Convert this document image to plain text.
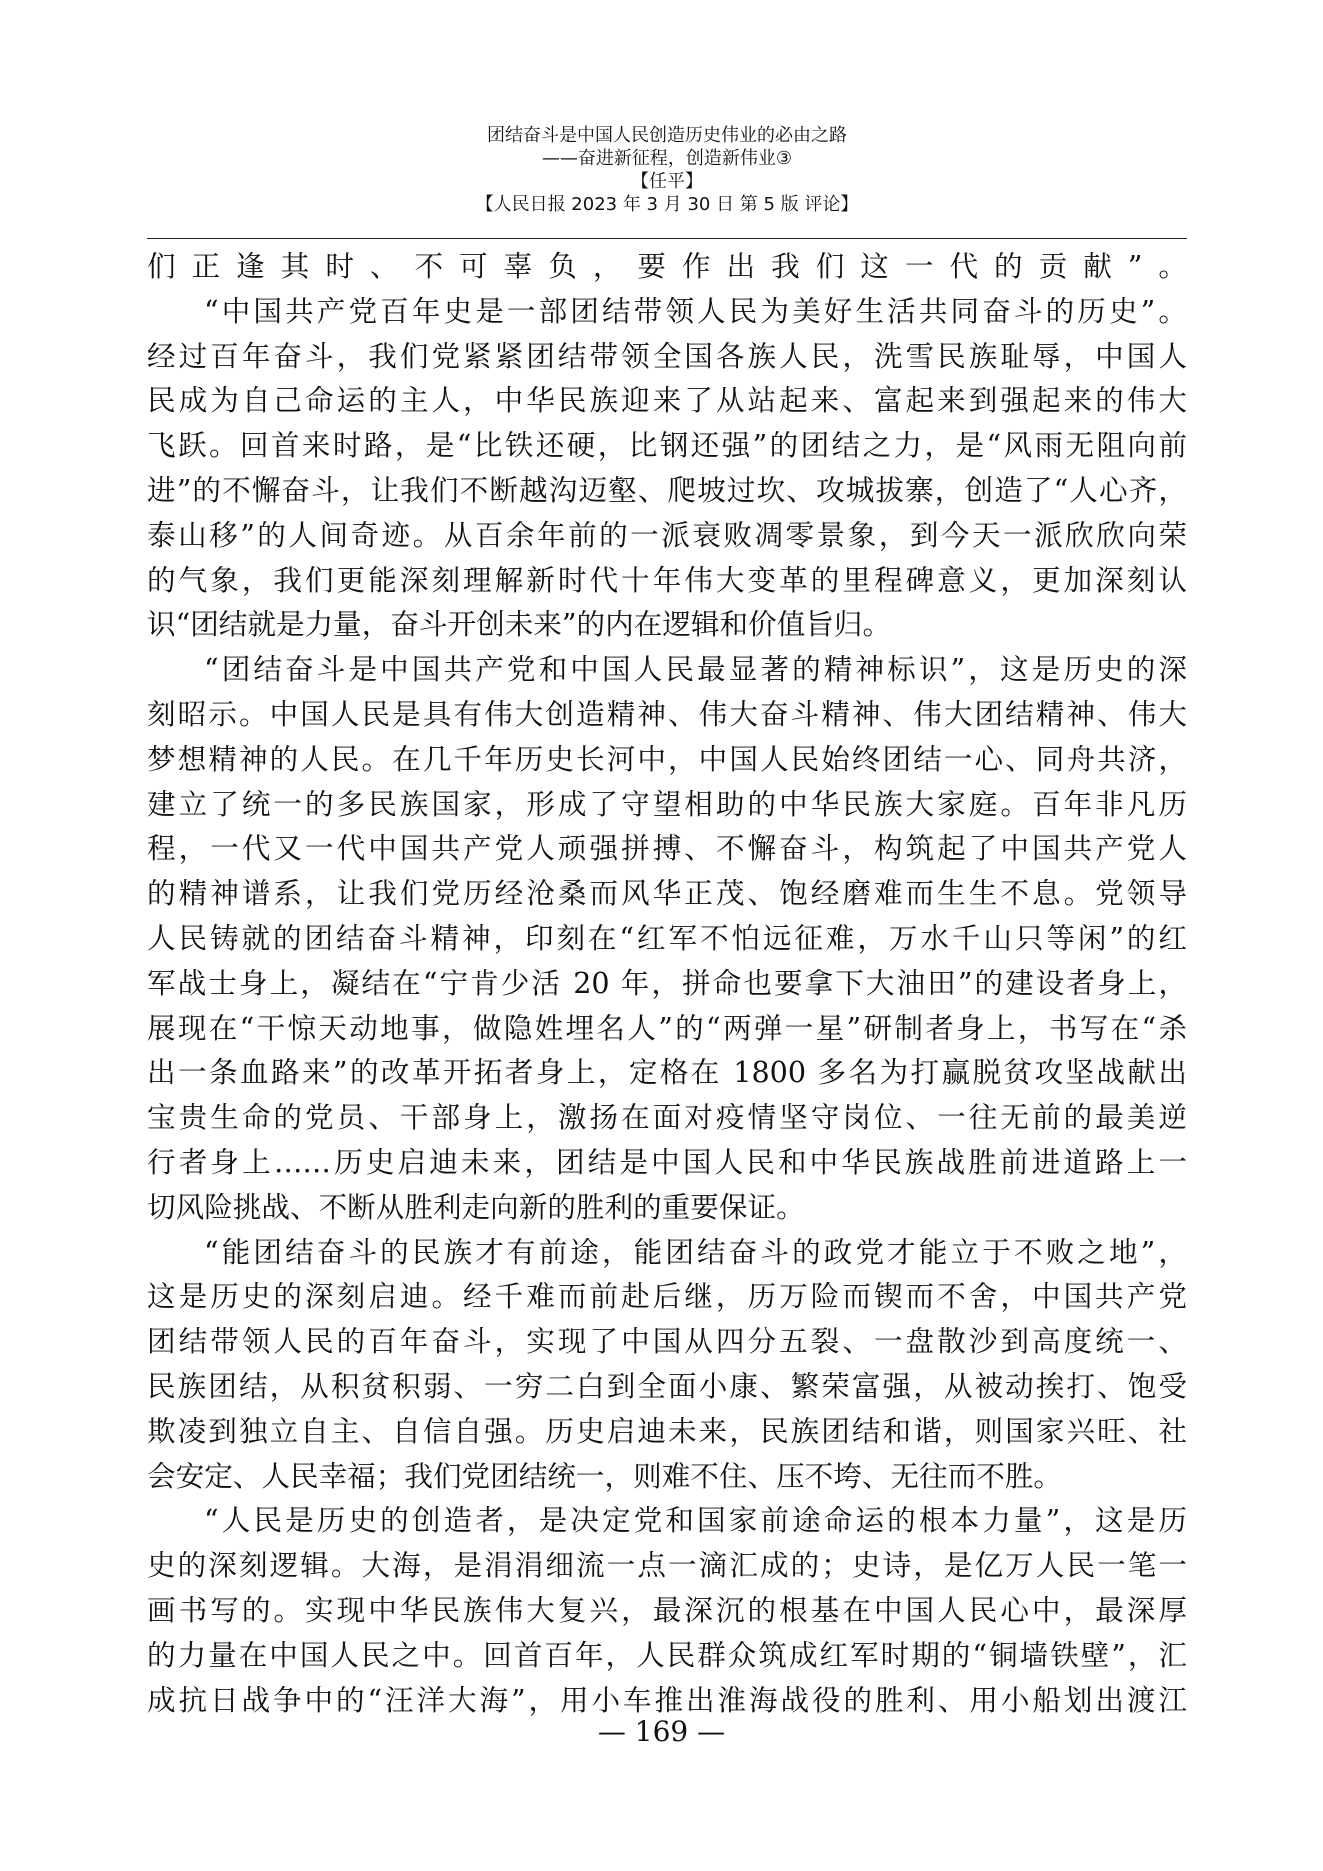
团结奋斗是中国人民创造历史伟业的必由之路
——奋进新征程，创造新伟业③
【任平】
【人民日报 2023 年 3 月 30 日 第 5 版 评论】
们正逢其时、不可辜负，要作出我们这一代的贡献”。
“中国共产党百年史是一部团结带领人民为美好生活共同奋斗的历史”。
经过百年奋斗，我们党紧紧团结带领全国各族人民，洗雪民族耻辱，中国人
民成为自己命运的主人，中华民族迎来了从站起来、富起来到强起来的伟大
飞跃。回首来时路，是“比铁还硬，比钢还强”的团结之力，是“风雨无阻向前
进”的不懈奋斗，让我们不断越沟迈壑、爬坡过坎、攻城拔寨，创造了“人心齐，
泰山移”的人间奇迹。从百余年前的一派衰败凋零景象，到今天一派欣欣向荣
的气象，我们更能深刻理解新时代十年伟大变革的里程碑意义，更加深刻认
识“团结就是力量，奋斗开创未来”的内在逻辑和价值旨归。
“团结奋斗是中国共产党和中国人民最显著的精神标识”，这是历史的深
刻昭示。中国人民是具有伟大创造精神、伟大奋斗精神、伟大团结精神、伟大
梦想精神的人民。在几千年历史长河中，中国人民始终团结一心、同舟共济，
建立了统一的多民族国家，形成了守望相助的中华民族大家庭。百年非凡历
程，一代又一代中国共产党人顽强拼搏、不懈奋斗，构筑起了中国共产党人
的精神谱系，让我们党历经沧桑而风华正茂、饱经磨难而生生不息。党领导
人民铸就的团结奋斗精神，印刻在“红军不怕远征难，万水千山只等闲”的红
军战士身上，凝结在“宁肯少活 20 年，拼命也要拿下大油田”的建设者身上，
展现在“干惊天动地事，做隐姓埋名人”的“两弹一星”研制者身上，书写在“杀
出一条血路来”的改革开拓者身上，定格在 1800 多名为打赢脱贫攻坚战献出
宝贵生命的党员、干部身上，激扬在面对疫情坚守岗位、一往无前的最美逆
行者身上……历史启迪未来，团结是中国人民和中华民族战胜前进道路上一
切风险挑战、不断从胜利走向新的胜利的重要保证。
“能团结奋斗的民族才有前途，能团结奋斗的政党才能立于不败之地”，
这是历史的深刻启迪。经千难而前赴后继，历万险而锲而不舍，中国共产党
团结带领人民的百年奋斗，实现了中国从四分五裂、一盘散沙到高度统一、
民族团结，从积贫积弱、一穷二白到全面小康、繁荣富强，从被动挨打、饱受
欺凌到独立自主、自信自强。历史启迪未来，民族团结和谐，则国家兴旺、社
会安定、人民幸福；我们党团结统一，则难不住、压不垮、无往而不胜。
“人民是历史的创造者，是决定党和国家前途命运的根本力量”，这是历
史的深刻逻辑。大海，是涓涓细流一点一滴汇成的；史诗，是亿万人民一笔一
画书写的。实现中华民族伟大复兴，最深沉的根基在中国人民心中，最深厚
的力量在中国人民之中。回首百年，人民群众筑成红军时期的“铜墙铁壁”，汇
成抗日战争中的“汪洋大海”，用小车推出淮海战役的胜利、用小船划出渡江
— 169 —
